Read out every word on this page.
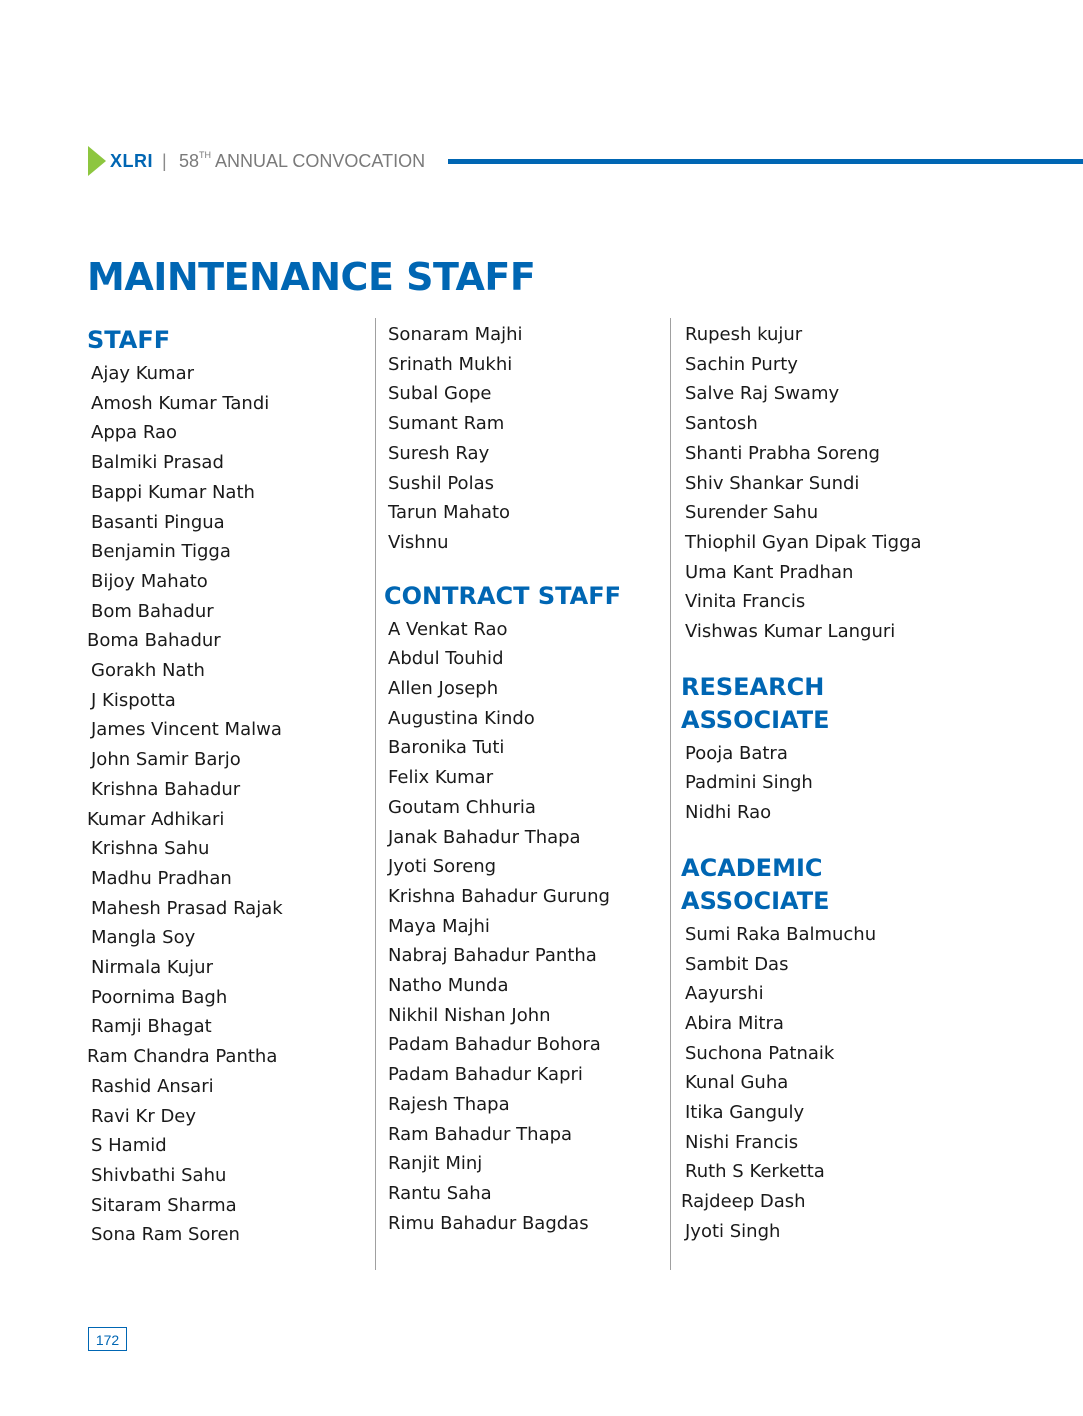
XLRI | 58TH ANNUAL CONVOCATION
MAINTENANCE STAFF
STAFF
Ajay Kumar
Amosh Kumar Tandi
Appa Rao
Balmiki Prasad
Bappi Kumar Nath
Basanti Pingua
Benjamin Tigga
Bijoy Mahato
Bom Bahadur
Boma Bahadur
Gorakh Nath
J Kispotta
James Vincent Malwa
John Samir Barjo
Krishna Bahadur
Kumar Adhikari
Krishna Sahu
Madhu Pradhan
Mahesh Prasad Rajak
Mangla Soy
Nirmala Kujur
Poornima Bagh
Ramji Bhagat
Ram Chandra Pantha
Rashid Ansari
Ravi Kr Dey
S Hamid
Shivbathi Sahu
Sitaram Sharma
Sona Ram Soren
Sonaram Majhi
Srinath Mukhi
Subal Gope
Sumant Ram
Suresh Ray
Sushil Polas
Tarun Mahato
Vishnu
CONTRACT STAFF
A Venkat Rao
Abdul Touhid
Allen Joseph
Augustina Kindo
Baronika Tuti
Felix Kumar
Goutam Chhuria
Janak Bahadur Thapa
Jyoti Soreng
Krishna Bahadur Gurung
Maya Majhi
Nabraj Bahadur Pantha
Natho Munda
Nikhil Nishan John
Padam Bahadur Bohora
Padam Bahadur Kapri
Rajesh Thapa
Ram Bahadur Thapa
Ranjit Minj
Rantu Saha
Rimu Bahadur Bagdas
Rupesh kujur
Sachin Purty
Salve Raj Swamy
Santosh
Shanti Prabha Soreng
Shiv Shankar Sundi
Surender Sahu
Thiophil Gyan Dipak Tigga
Uma Kant Pradhan
Vinita Francis
Vishwas Kumar Languri
RESEARCH
ASSOCIATE
Pooja Batra
Padmini Singh
Nidhi Rao
ACADEMIC
ASSOCIATE
Sumi Raka Balmuchu
Sambit Das
Aayurshi
Abira Mitra
Suchona Patnaik
Kunal Guha
Itika Ganguly
Nishi Francis
Ruth S Kerketta
Rajdeep Dash
Jyoti Singh
172
